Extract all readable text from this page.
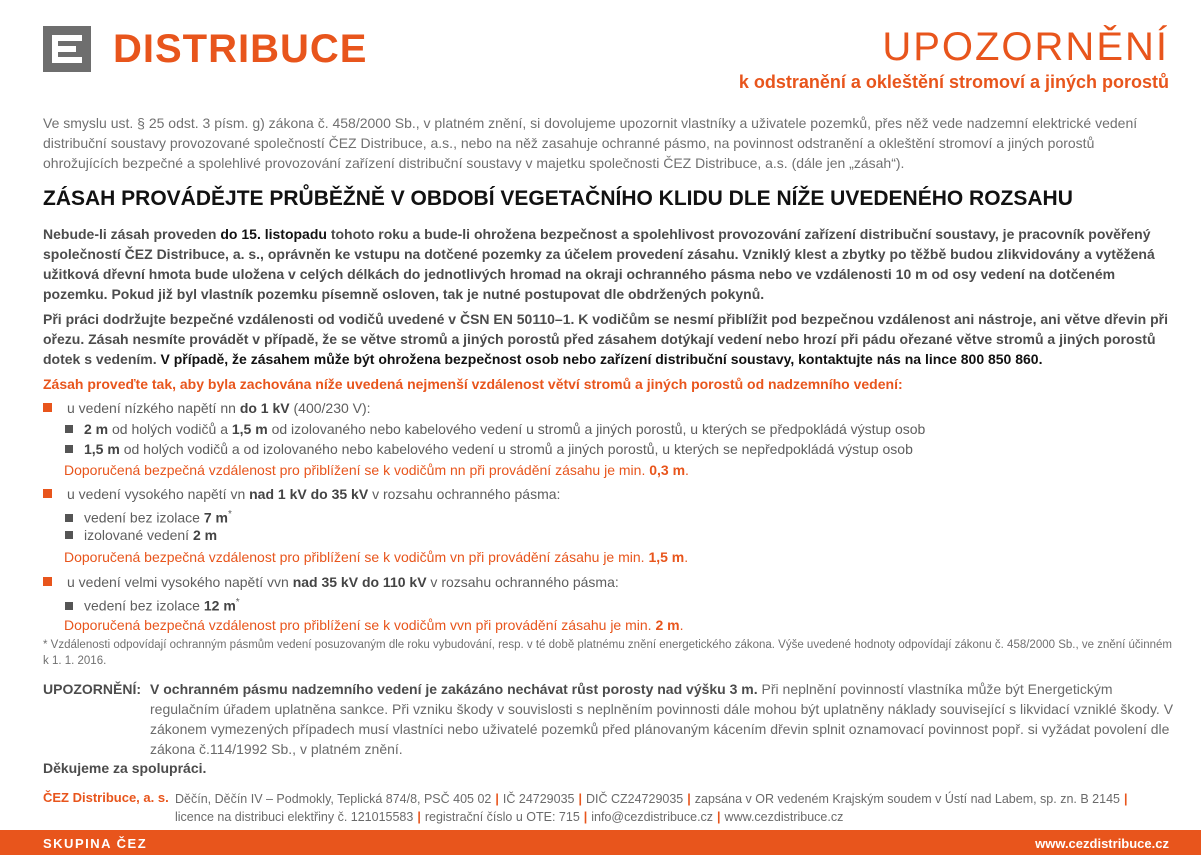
DISTRIBUCE	UPOZORNĚNÍ
k odstranění a okleštění stromoví a jiných porostů
Ve smyslu ust. § 25 odst. 3 písm. g) zákona č. 458/2000 Sb., v platném znění, si dovolujeme upozornit vlastníky a uživatele pozemků, přes něž vede nadzemní elektrické vedení distribuční soustavy provozované společností ČEZ Distribuce, a.s., nebo na něž zasahuje ochranné pásmo, na povinnost odstranění a okleštění stromoví a jiných porostů ohrožujících bezpečné a spolehlivé provozování zařízení distribuční soustavy v majetku společnosti ČEZ Distribuce, a.s. (dále jen „zásah“).
ZÁSAH PROVÁDĚJTE PRŮBĚŽNĚ V OBDOBÍ VEGETAČNÍHO KLIDU DLE NÍŽE UVEDENÉHO ROZSAHU
Nebude-li zásah proveden do 15. listopadu tohoto roku a bude-li ohrožena bezpečnost a spolehlivost provozování zařízení distribuční soustavy, je pracovník pověřený společností ČEZ Distribuce, a. s., oprávněn ke vstupu na dotčené pozemky za účelem provedení zásahu. Vzniklý klest a zbytky po těžbě budou zlikvidovány a vytěžená užitková dřevní hmota bude uložena v celých délkách do jednotlivých hromad na okraji ochranného pásma nebo ve vzdálenosti 10 m od osy vedení na dotčeném pozemku. Pokud již byl vlastník pozemku písemně osloven, tak je nutné postupovat dle obdržených pokynů.
Při práci dodržujte bezpečné vzdálenosti od vodičů uvedené v ČSN EN 50110–1. K vodičům se nesmí přiblížit pod bezpečnou vzdálenost ani nástroje, ani větve dřevin při ořezu. Zásah nesmíte provádět v případě, že se větve stromů a jiných porostů před zásahem dotýkají vedení nebo hrozí při pádu ořezané větve stromů a jiných porostů dotek s vedením. V případě, že zásahem může být ohrožena bezpečnost osob nebo zařízení distribuční soustavy, kontaktujte nás na lince 800 850 860.
Zásah proveďte tak, aby byla zachována níže uvedená nejmenší vzdálenost větví stromů a jiných porostů od nadzemního vedení:
u vedení nízkého napětí nn do 1 kV (400/230 V):
2 m od holých vodičů a 1,5 m od izolovaného nebo kabelového vedení u stromů a jiných porostů, u kterých se předpokládá výstup osob
1,5 m od holých vodičů a od izolovaného nebo kabelového vedení u stromů a jiných porostů, u kterých se nepředpokládá výstup osob
Doporučená bezpečná vzdálenost pro přiblížení se k vodičům nn při provádění zásahu je min. 0,3 m.
u vedení vysokého napětí vn nad 1 kV do 35 kV v rozsahu ochranného pásma:
vedení bez izolace 7 m*
izolované vedení 2 m
Doporučená bezpečná vzdálenost pro přiblížení se k vodičům vn při provádění zásahu je min. 1,5 m.
u vedení velmi vysokého napětí vvn nad 35 kV do 110 kV v rozsahu ochranného pásma:
vedení bez izolace 12 m*
Doporučená bezpečná vzdálenost pro přiblížení se k vodičům vvn při provádění zásahu je min. 2 m.
* Vzdálenosti odpovídají ochranným pásmům vedení posuzovaným dle roku vybudování, resp. v té době platnému znění energetického zákona. Výše uvedené hodnoty odpovídají zákonu č. 458/2000 Sb., ve znění účinném k 1. 1. 2016.
UPOZORNĚNÍ: V ochranném pásmu nadzemního vedení je zakázáno nechávat růst porosty nad výšku 3 m. Při neplnění povinností vlastníka může být Energetickým regulačním úřadem uplatněna sankce. Při vzniku škody v souvislosti s neplněním povinnosti dále mohou být uplatněny náklady související s likvidací vzniklé škody. V zákonem vymezených případech musí vlastníci nebo uživatelé pozemků před plánovaným kácením dřevin splnit oznamovací povinnost popř. si vyžádat povolení dle zákona č.114/1992 Sb., v platném znění.
Děkujeme za spolupráci.
ČEZ Distribuce, a. s. Děčín, Děčín IV – Podmokly, Teplická 874/8, PSČ 405 02 | IČ 24729035 | DIČ CZ24729035 | zapsána v OR vedeném Krajským soudem v Ústí nad Labem, sp. zn. B 2145 |
licence na distribuci elektřiny č. 121015583 | registrační číslo u OTE: 715 | info@cezdistribuce.cz | www.cezdistribuce.cz
SKUPINA ČEZ	www.cezdistribuce.cz
